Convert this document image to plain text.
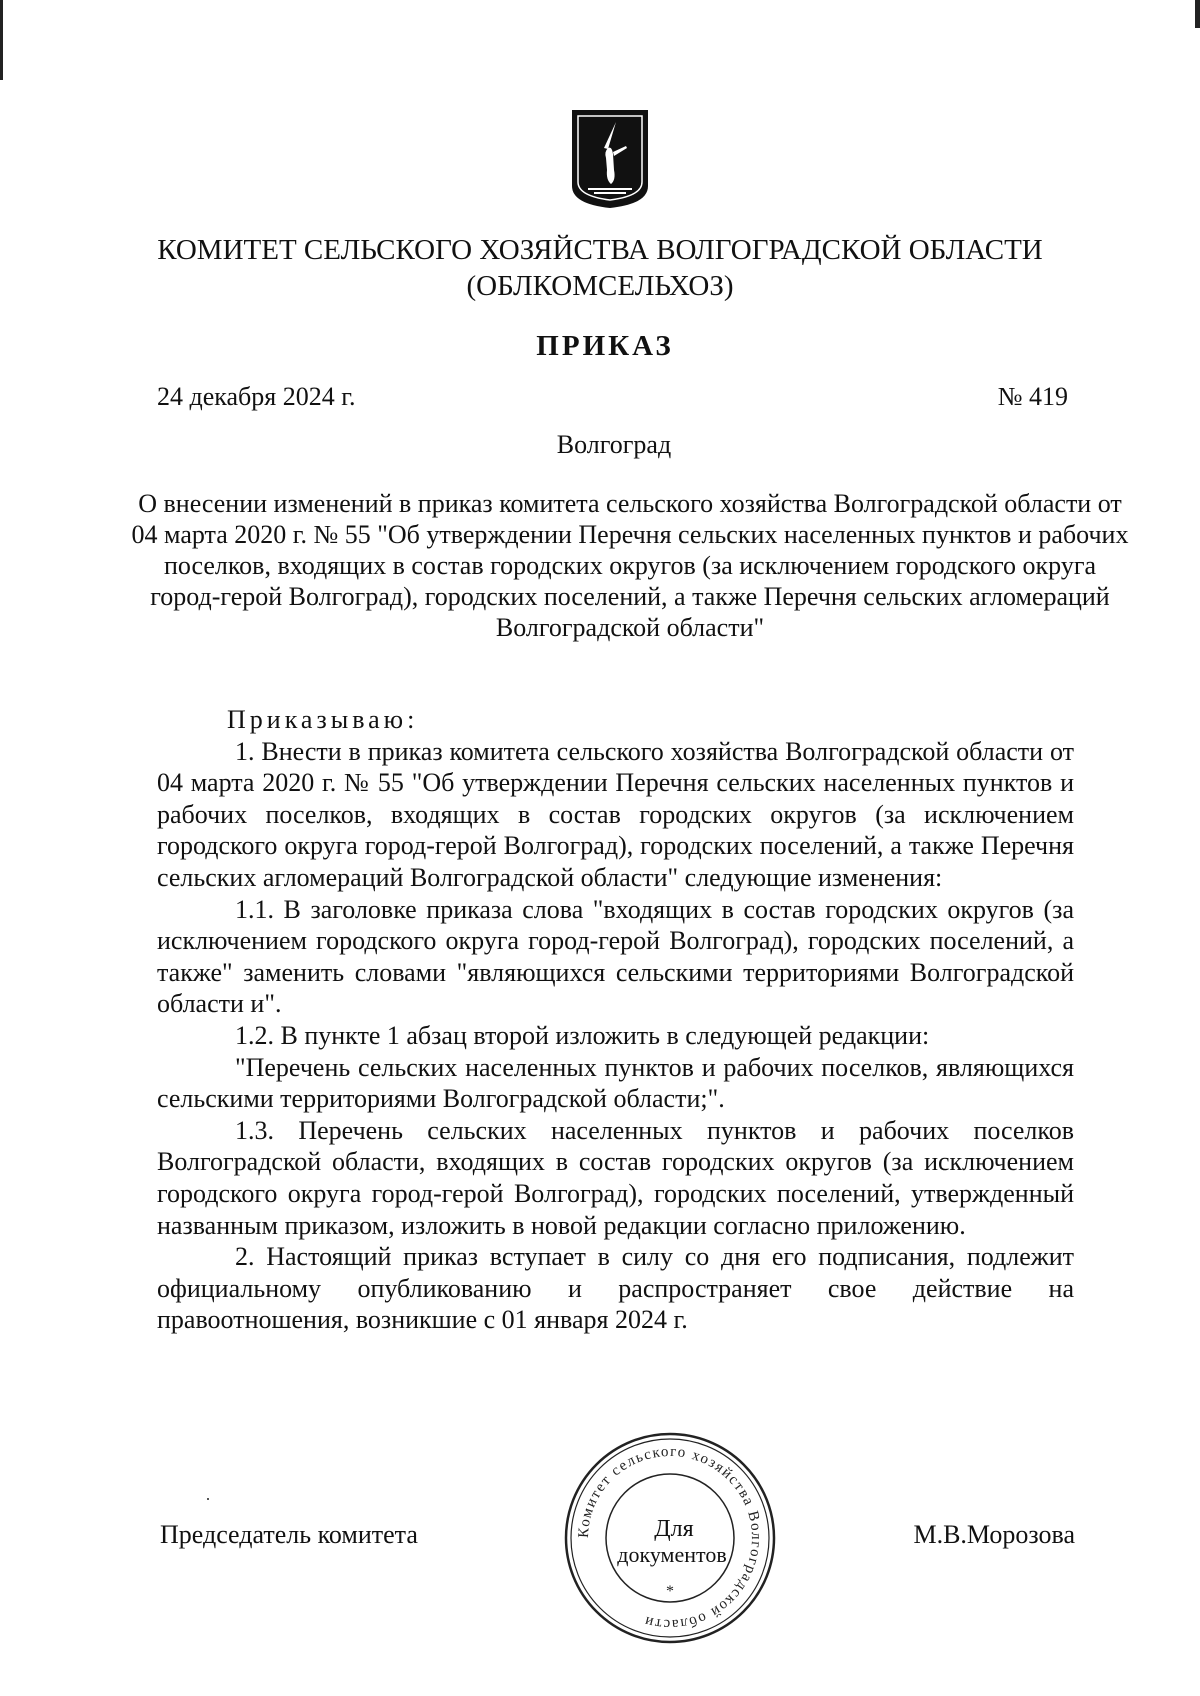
КОМИТЕТ СЕЛЬСКОГО ХОЗЯЙСТВА ВОЛГОГРАДСКОЙ ОБЛАСТИ
(ОБЛКОМСЕЛЬХОЗ)
ПРИКАЗ
24 декабря 2024 г.	№ 419
Волгоград
О внесении изменений в приказ комитета сельского хозяйства Волгоградской области от 04 марта 2020 г. № 55 "Об утверждении Перечня сельских населенных пунктов и рабочих поселков, входящих в состав городских округов (за исключением городского округа город-герой Волгоград), городских поселений, а также Перечня сельских агломераций Волгоградской области"

Приказываю:

1. Внести в приказ комитета сельского хозяйства Волгоградской области от 04 марта 2020 г. № 55 "Об утверждении Перечня сельских населенных пунктов и рабочих поселков, входящих в состав городских округов (за исключением городского округа город-герой Волгоград), городских поселений, а также Перечня сельских агломераций Волгоградской области" следующие изменения:

1.1. В заголовке приказа слова "входящих в состав городских округов (за исключением городского округа город-герой Волгоград), городских поселений, а также" заменить словами "являющихся сельскими территориями Волгоградской области и".

1.2. В пункте 1 абзац второй изложить в следующей редакции:

"Перечень сельских населенных пунктов и рабочих поселков, являющихся сельскими территориями Волгоградской области;".

1.3. Перечень сельских населенных пунктов и рабочих поселков Волгоградской области, входящих в состав городских округов (за исключением городского округа город-герой Волгоград), городских поселений, утвержденный названным приказом, изложить в новой редакции согласно приложению.

2. Настоящий приказ вступает в силу со дня его подписания, подлежит официальному опубликованию и распространяет свое действие на правоотношения, возникшие с 01 января 2024 г.

Председатель комитета	М.В.Морозова
Комитет сельского хозяйства Волгоградской области
*
Для
документов
